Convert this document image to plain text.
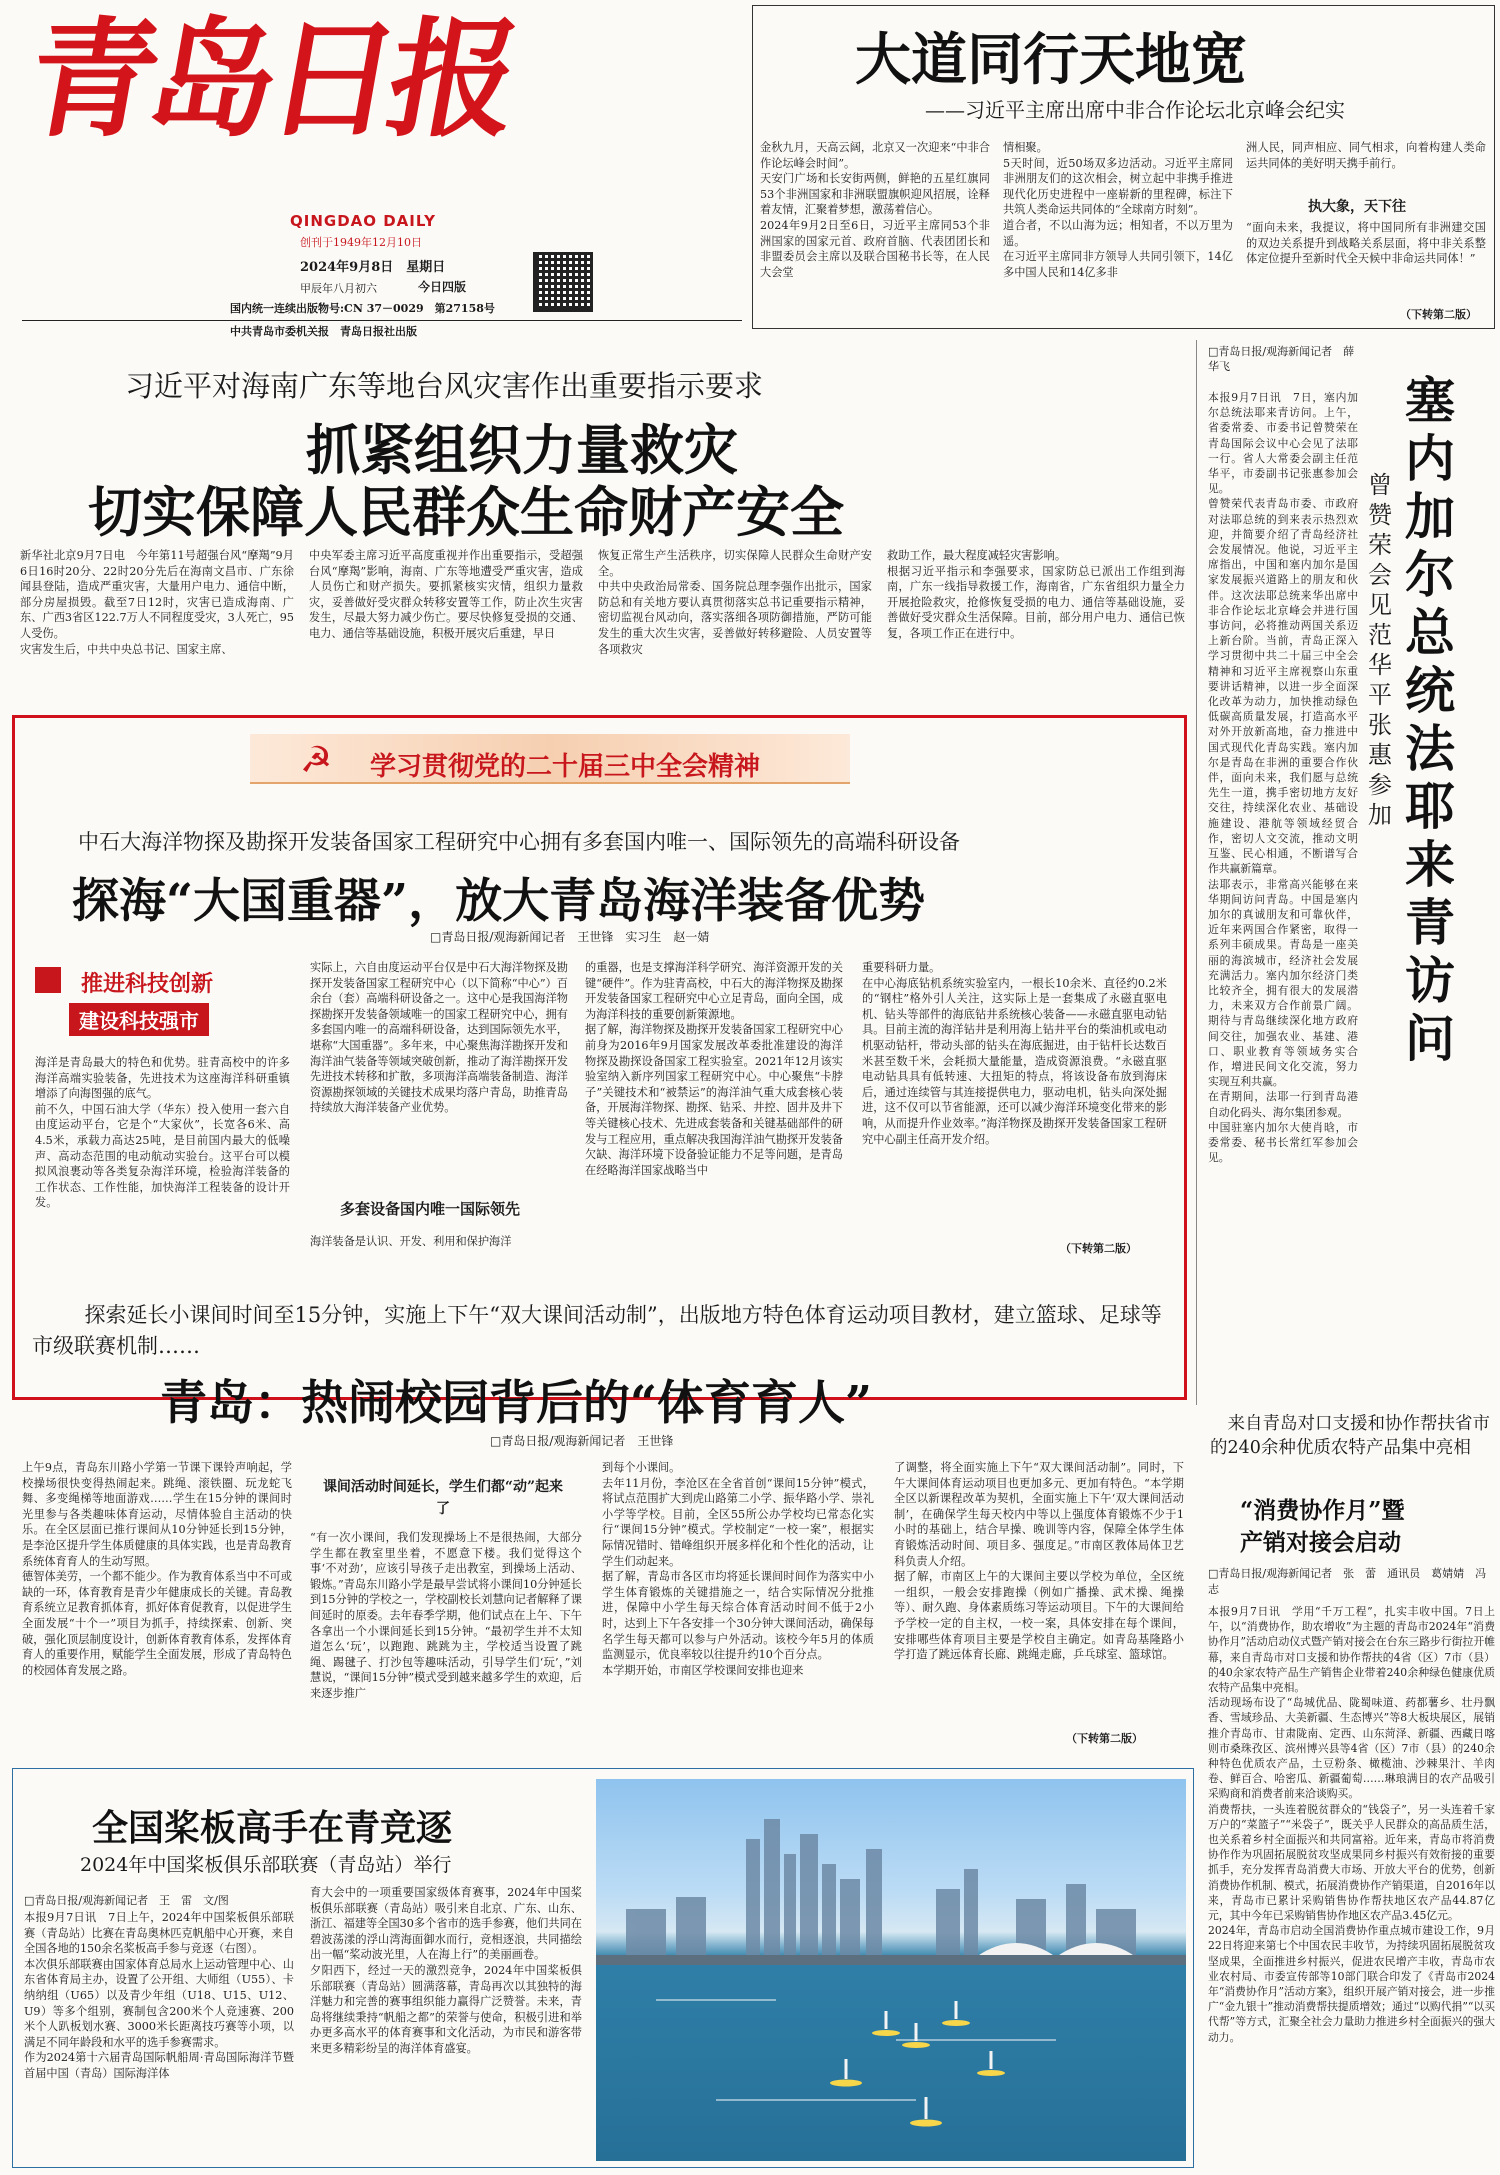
青岛日报
QINGDAO DAILY
创刊于1949年12月10日
2024年9月8日　星期日
甲辰年八月初六	今日四版
国内统一连续出版物号:CN 37－0029　第27158号
中共青岛市委机关报　青岛日报社出版
大道同行天地宽
——习近平主席出席中非合作论坛北京峰会纪实
金秋九月，天高云阔，北京又一次迎来“中非合作论坛峰会时间”。
天安门广场和长安街两侧，鲜艳的五星红旗同53个非洲国家和非洲联盟旗帜迎风招展，诠释着友情，汇聚着梦想，激荡着信心。
2024年9月2日至6日，习近平主席同53个非洲国家的国家元首、政府首脑、代表团团长和非盟委员会主席以及联合国秘书长等，在人民大会堂
情相聚。
5天时间，近50场双多边活动。习近平主席同非洲朋友们的这次相会，树立起中非携手推进现代化历史进程中一座崭新的里程碑，标注下共筑人类命运共同体的“全球南方时刻”。
道合者，不以山海为远；相知者，不以万里为遥。
在习近平主席同非方领导人共同引领下，14亿多中国人民和14亿多非
洲人民，同声相应、同气相求，向着构建人类命运共同体的美好明天携手前行。
执大象，天下往
“面向未来，我提议，将中国同所有非洲建交国的双边关系提升到战略关系层面，将中非关系整体定位提升至新时代全天候中非命运共同体！”
（下转第二版）
习近平对海南广东等地台风灾害作出重要指示要求
抓紧组织力量救灾
切实保障人民群众生命财产安全
新华社北京9月7日电　今年第11号超强台风“摩羯”9月6日16时20分、22时20分先后在海南文昌市、广东徐闻县登陆，造成严重灾害，大量用户电力、通信中断，部分房屋损毁。截至7日12时，灾害已造成海南、广东、广西3省区122.7万人不同程度受灾，3人死亡，95人受伤。
灾害发生后，中共中央总书记、国家主席、
中央军委主席习近平高度重视并作出重要指示，受超强台风“摩羯”影响，海南、广东等地遭受严重灾害，造成人员伤亡和财产损失。要抓紧核实灾情，组织力量救灾，妥善做好受灾群众转移安置等工作，防止次生灾害发生，尽最大努力减少伤亡。要尽快修复受损的交通、电力、通信等基础设施，积极开展灾后重建，早日
恢复正常生产生活秩序，切实保障人民群众生命财产安全。
中共中央政治局常委、国务院总理李强作出批示，国家防总和有关地方要认真贯彻落实总书记重要指示精神，密切监视台风动向，落实落细各项防御措施，严防可能发生的重大次生灾害，妥善做好转移避险、人员安置等各项救灾
救助工作，最大程度减轻灾害影响。
根据习近平指示和李强要求，国家防总已派出工作组到海南，广东一线指导救援工作，海南省，广东省组织力量全力开展抢险救灾，抢修恢复受损的电力、通信等基础设施，妥善做好受灾群众生活保障。目前，部分用户电力、通信已恢复，各项工作正在进行中。
□青岛日报/观海新闻记者　薛华飞
塞内加尔总统法耶来青访问
曾赞荣会见　范华平张惠参加
本报9月7日讯　7日，塞内加尔总统法耶来青访问。上午，省委常委、市委书记曾赞荣在青岛国际会议中心会见了法耶一行。省人大常委会副主任范华平，市委副书记张惠参加会见。
曾赞荣代表青岛市委、市政府对法耶总统的到来表示热烈欢迎，并简要介绍了青岛经济社会发展情况。他说，习近平主席指出，中国和塞内加尔是国家发展振兴道路上的朋友和伙伴。这次法耶总统来华出席中非合作论坛北京峰会并进行国事访问，必将推动两国关系迈上新台阶。当前，青岛正深入学习贯彻中共二十届三中全会精神和习近平主席视察山东重要讲话精神，以进一步全面深化改革为动力，加快推动绿色低碳高质量发展，打造高水平对外开放新高地，奋力推进中国式现代化青岛实践。塞内加尔是青岛在非洲的重要合作伙伴，面向未来，我们愿与总统先生一道，携手密切地方友好交往，持续深化农业、基础设施建设、港航等领域经贸合作，密切人文交流，推动文明互鉴、民心相通，不断谱写合作共赢新篇章。
法耶表示，非常高兴能够在来华期间访问青岛。中国是塞内加尔的真诚朋友和可靠伙伴，近年来两国合作紧密，取得一系列丰硕成果。青岛是一座美丽的海滨城市，经济社会发展充满活力。塞内加尔经济门类比较齐全，拥有很大的发展潜力，未来双方合作前景广阔。期待与青岛继续深化地方政府间交往，加强农业、基建、港口、职业教育等领域务实合作，增进民间文化交流，努力实现互利共赢。
在青期间，法耶一行到青岛港自动化码头、海尔集团参观。
中国驻塞内加尔大使肖晗，市委常委、秘书长常红军参加会见。
☭ 学习贯彻党的二十届三中全会精神
中石大海洋物探及勘探开发装备国家工程研究中心拥有多套国内唯一、国际领先的高端科研设备
探海“大国重器”，放大青岛海洋装备优势
□青岛日报/观海新闻记者　王世锋　实习生　赵一婧
推进科技创新
建设科技强市
海洋是青岛最大的特色和优势。驻青高校中的许多海洋高端实验装备，先进技术为这座海洋科研重镇增添了向海图强的底气。
前不久，中国石油大学（华东）投入使用一套六自由度运动平台，它是个“大家伙”，长宽各6米、高4.5米，承载力高达25吨，是目前国内最大的低噪声、高动态范围的电动航动实验台。这平台可以模拟风浪裹动等各类复杂海洋环境，检验海洋装备的工作状态、工作性能，加快海洋工程装备的设计开发。
实际上，六自由度运动平台仅是中石大海洋物探及勘探开发装备国家工程研究中心（以下简称“中心”）百余台（套）高端科研设备之一。这中心是我国海洋物探勘探开发装备领域唯一的国家工程研究中心，拥有多套国内唯一的高端科研设备，达到国际领先水平，堪称“大国重器”。多年来，中心聚焦海洋勘探开发和海洋油气装备等领域突破创新，推动了海洋勘探开发先进技术转移和扩散，多项海洋高端装备制造、海洋资源勘探领域的关键技术成果均落户青岛，助推青岛持续放大海洋装备产业优势。
多套设备国内唯一国际领先
海洋装备是认识、开发、利用和保护海洋
的重器，也是支撑海洋科学研究、海洋资源开发的关键“硬件”。作为驻青高校，中石大的海洋物探及勘探开发装备国家工程研究中心立足青岛，面向全国，成为海洋科技的重要创新策源地。
据了解，海洋物探及勘探开发装备国家工程研究中心前身为2016年9月国家发展改革委批准建设的海洋物探及勘探设备国家工程实验室。2021年12月该实验室纳入新序列国家工程研究中心。中心聚焦“卡脖子”关键技术和“被禁运”的海洋油气重大成套核心装备，开展海洋物探、勘探、钻采、井控、固井及井下等关键核心技术、先进成套装备和关键基础部件的研发与工程应用，重点解决我国海洋油气勘探开发装备欠缺、海洋环境下设备验证能力不足等问题，是青岛在经略海洋国家战略当中
重要科研力量。
在中心海底钻机系统实验室内，一根长10余米、直径约0.2米的“钢柱”格外引人关注，这实际上是一套集成了永磁直驱电机、钻头等部件的海底钻井系统核心装备——永磁直驱电动钻具。目前主流的海洋钻井是利用海上钻井平台的柴油机或电动机驱动钻杆，带动头部的钻头在海底掘进，由于钻杆长达数百米甚至数千米，会耗损大量能量，造成资源浪费。“永磁直驱电动钻具具有低转速、大扭矩的特点，将该设备布放到海床后，通过连续管与其连接提供电力，驱动电机，钻头向深处掘进，这不仅可以节省能源，还可以减少海洋环境变化带来的影响，从而提升作业效率。”海洋物探及勘探开发装备国家工程研究中心副主任高开发介绍。
（下转第二版）
探索延长小课间时间至15分钟，实施上下午“双大课间活动制”，出版地方特色体育运动项目教材，建立篮球、足球等市级联赛机制……
青岛：热闹校园背后的“体育育人”
□青岛日报/观海新闻记者　王世锋
上午9点，青岛东川路小学第一节课下课铃声响起，学校操场很快变得热闹起来。跳绳、滚铁圈、玩龙蛇飞舞、多变绳梯等地面游戏……学生在15分钟的课间时光里参与各类趣味体育运动，尽情体验自主活动的快乐。在全区层面已推行课间从10分钟延长到15分钟，是李沧区提升学生体质健康的具体实践，也是青岛教育系统体育育人的生动写照。
德智体美劳，一个都不能少。作为教育体系当中不可或缺的一环，体育教育是青少年健康成长的关键。青岛教育系统立足教育抓体育，抓好体育促教育，以促进学生全面发展“十个一”项目为抓手，持续探索、创新、突破，强化顶层制度设计，创新体育教育体系，发挥体育育人的重要作用，赋能学生全面发展，形成了青岛特色的校园体育发展之路。
课间活动时间延长，学生们都“动”起来了
“有一次小课间，我们发现操场上不是很热闹，大部分学生都在教室里坐着，不愿意下楼。我们觉得这个事‘不对劲’，应该引导孩子走出教室，到操场上活动、锻炼。”青岛东川路小学是最早尝试将小课间10分钟延长到15分钟的学校之一，学校副校长刘慧向记者解释了课间延时的原委。去年春季学期，他们试点在上午、下午各拿出一个小课间延长到15分钟。“最初学生并不太知道怎么‘玩’，以跑跑、跳跳为主，学校适当设置了跳绳、踢毽子、打沙包等趣味活动，引导学生们‘玩’，”刘慧说，“课间15分钟”模式受到越来越多学生的欢迎，后来逐步推广
到每个小课间。
去年11月份，李沧区在全省首创“课间15分钟”模式，将试点范围扩大到虎山路第二小学、振华路小学、崇礼小学等学校。目前，全区55所公办学校均已常态化实行“课间15分钟”模式。学校制定“一校一案”，根据实际情况错时、错峰组织开展多样化和个性化的活动，让学生们动起来。
据了解，青岛市各区市均将延长课间时间作为落实中小学生体育锻炼的关键措施之一，结合实际情况分批推进，保障中小学生每天综合体育活动时间不低于2小时，达到上下午各安排一个30分钟大课间活动，确保每名学生每天都可以参与户外活动。该校今年5月的体质监测显示，优良率较以往提升约10个百分点。
本学期开始，市南区学校课间安排也迎来
了调整，将全面实施上下午“双大课间活动制”。同时，下午大课间体育运动项目也更加多元、更加有特色。“本学期全区以新课程改革为契机，全面实施上下午‘双大课间活动制’，在确保学生每天校内中等以上强度体育锻炼不少于1小时的基础上，结合早操、晚训等内容，保障全体学生体育锻炼活动时间、项目多、强度足。”市南区教体局体卫艺科负责人介绍。
据了解，市南区上午的大课间主要以学校为单位，全区统一组织，一般会安排跑操（例如广播操、武术操、绳操等）、耐久跑、身体素质练习等运动项目。下午的大课间给予学校一定的自主权，一校一案，具体安排在每个课间，安排哪些体育项目主要是学校自主确定。如青岛基隆路小学打造了跳远体育长廊、跳绳走廊，乒乓球室、篮球馆。
（下转第二版）
来自青岛对口支援和协作帮扶省市的240余种优质农特产品集中亮相
“消费协作月”暨
产销对接会启动
□青岛日报/观海新闻记者　张　蕾　通讯员　葛婧婧　冯　志
本报9月7日讯　学用“千万工程”，扎实丰收中国。7日上午，以“消费协作，助农增收”为主题的青岛市2024年“消费协作月”活动启动仪式暨产销对接会在台东三路步行街拉开帷幕，来自青岛市对口支援和协作帮扶的4省（区）7市（县）的40余家农特产品生产销售企业带着240余种绿色健康优质农特产品集中亮相。
活动现场布设了“岛城优品、陇蜀味道、药都薯乡、壮丹飘香、雪域珍品、大美新疆、生态博兴”等8大板块展区，展销推介青岛市、甘肃陇南、定西、山东菏泽、新疆、西藏日喀则市桑珠孜区、滨州博兴县等4省（区）7市（县）的240余种特色优质农产品，土豆粉条、橄榄油、沙棘果汁、羊肉卷、鲜百合、哈密瓜、新疆葡萄……琳琅满目的农产品吸引采购商和消费者前来洽谈购买。
消费帮扶，一头连着脱贫群众的“钱袋子”，另一头连着千家万户的“菜篮子”“米袋子”，既关乎人民群众的高品质生活，也关系着乡村全面振兴和共同富裕。近年来，青岛市将消费协作作为巩固拓展脱贫攻坚成果同乡村振兴有效衔接的重要抓手，充分发挥青岛消费大市场、开放大平台的优势，创新消费协作机制、模式，拓展消费协作产销渠道，自2016年以来，青岛市已累计采购销售协作帮扶地区农产品44.87亿元，其中今年已采购销售协作地区农产品3.45亿元。
2024年，青岛市启动全国消费协作重点城市建设工作，9月22日将迎来第七个中国农民丰收节，为持续巩固拓展脱贫攻坚成果，全面推进乡村振兴，促进农民增产丰收，青岛市农业农村局、市委宣传部等10部门联合印发了《青岛市2024年“消费协作月”活动方案》，组织开展产销对接会，进一步推广“金九银十”推动消费帮扶提质增效；通过“以购代捐”“以买代帮”等方式，汇聚全社会力量助力推进乡村全面振兴的强大动力。
全国桨板高手在青竞逐
2024年中国桨板俱乐部联赛（青岛站）举行
□青岛日报/观海新闻记者　王　雷　文/图
本报9月7日讯　7日上午，2024年中国桨板俱乐部联赛（青岛站）比赛在青岛奥林匹克帆船中心开赛，来自全国各地的150余名桨板高手参与竞逐（右图）。
本次俱乐部联赛由国家体育总局水上运动管理中心、山东省体育局主办，设置了公开组、大师组（U55）、卡纳纳组（U65）以及青少年组（U18、U15、U12、U9）等多个组别，赛制包含200米个人竞速赛、200米个人趴板划水赛、3000米长距离技巧赛等小项，以满足不同年龄段和水平的选手参赛需求。
作为2024第十六届青岛国际帆船周·青岛国际海洋节暨首届中国（青岛）国际海洋体
育大会中的一项重要国家级体育赛事，2024年中国桨板俱乐部联赛（青岛站）吸引来自北京、广东、山东、浙江、福建等全国30多个省市的选手参赛，他们共同在碧波荡漾的浮山湾海面御水而行，竞相逐浪，共同描绘出一幅“桨动波光里，人在海上行”的美丽画卷。
夕阳西下，经过一天的激烈竞争，2024年中国桨板俱乐部联赛（青岛站）圆满落幕，青岛再次以其独特的海洋魅力和完善的赛事组织能力赢得广泛赞誉。未来，青岛将继续秉持“帆船之都”的荣誉与使命，积极引进和举办更多高水平的体育赛事和文化活动，为市民和游客带来更多精彩纷呈的海洋体育盛宴。
